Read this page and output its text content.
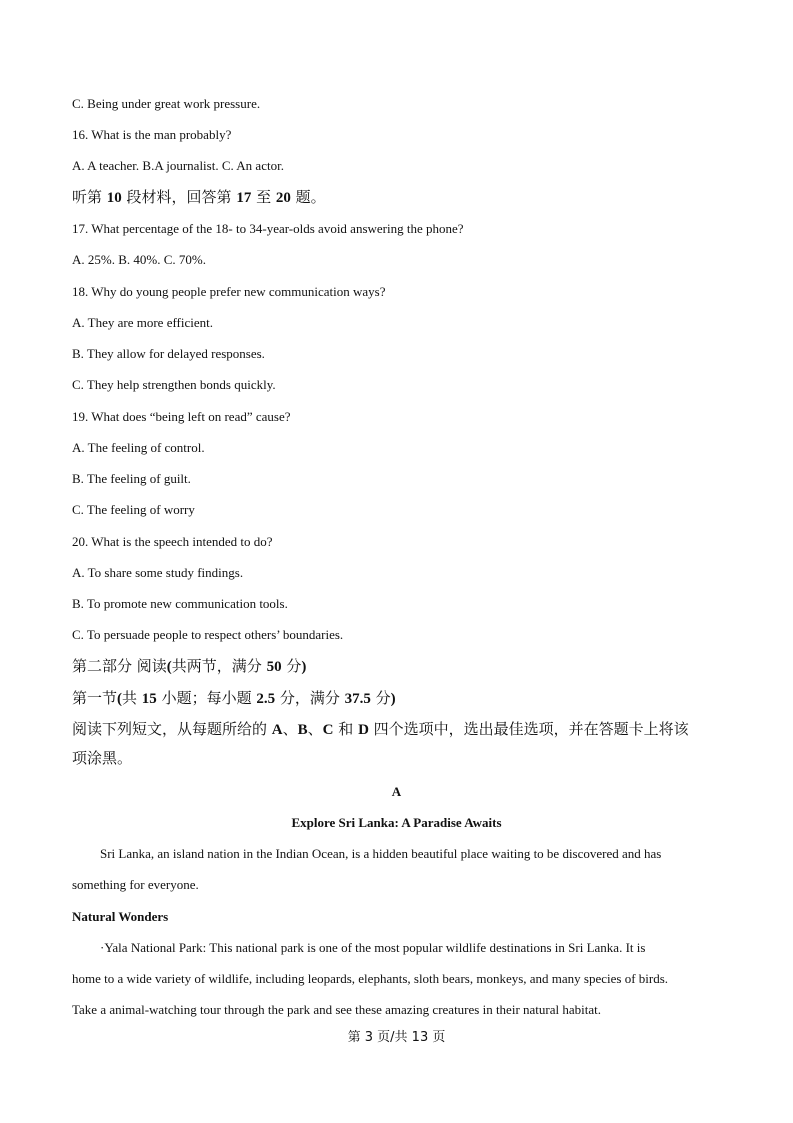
C. Being under great work pressure.
16. What is the man probably?
A. A teacher. B.A journalist. C. An actor.
听第 10 段材料，回答第 17 至 20 题。
17. What percentage of the 18- to 34-year-olds avoid answering the phone?
A. 25%. B. 40%. C. 70%.
18. Why do young people prefer new communication ways?
A. They are more efficient.
B. They allow for delayed responses.
C. They help strengthen bonds quickly.
19. What does “being left on read” cause?
A. The feeling of control.
B. The feeling of guilt.
C. The feeling of worry
20. What is the speech intended to do?
A. To share some study findings.
B. To promote new communication tools.
C. To persuade people to respect others’ boundaries.
第二部分 阅读(共两节，满分 50 分)
第一节(共 15 小题；每小题 2.5 分，满分 37.5 分)
阅读下列短文，从每题所给的 A、B、C 和 D 四个选项中，选出最佳选项，并在答题卡上将该
项涂黑。
A
Explore Sri Lanka: A Paradise Awaits
Sri Lanka, an island nation in the Indian Ocean, is a hidden beautiful place waiting to be discovered and has
something for everyone.
Natural Wonders
·Yala National Park: This national park is one of the most popular wildlife destinations in Sri Lanka. It is
home to a wide variety of wildlife, including leopards, elephants, sloth bears, monkeys, and many species of birds.
Take a animal-watching tour through the park and see these amazing creatures in their natural habitat.
第 3 页/共 13 页
